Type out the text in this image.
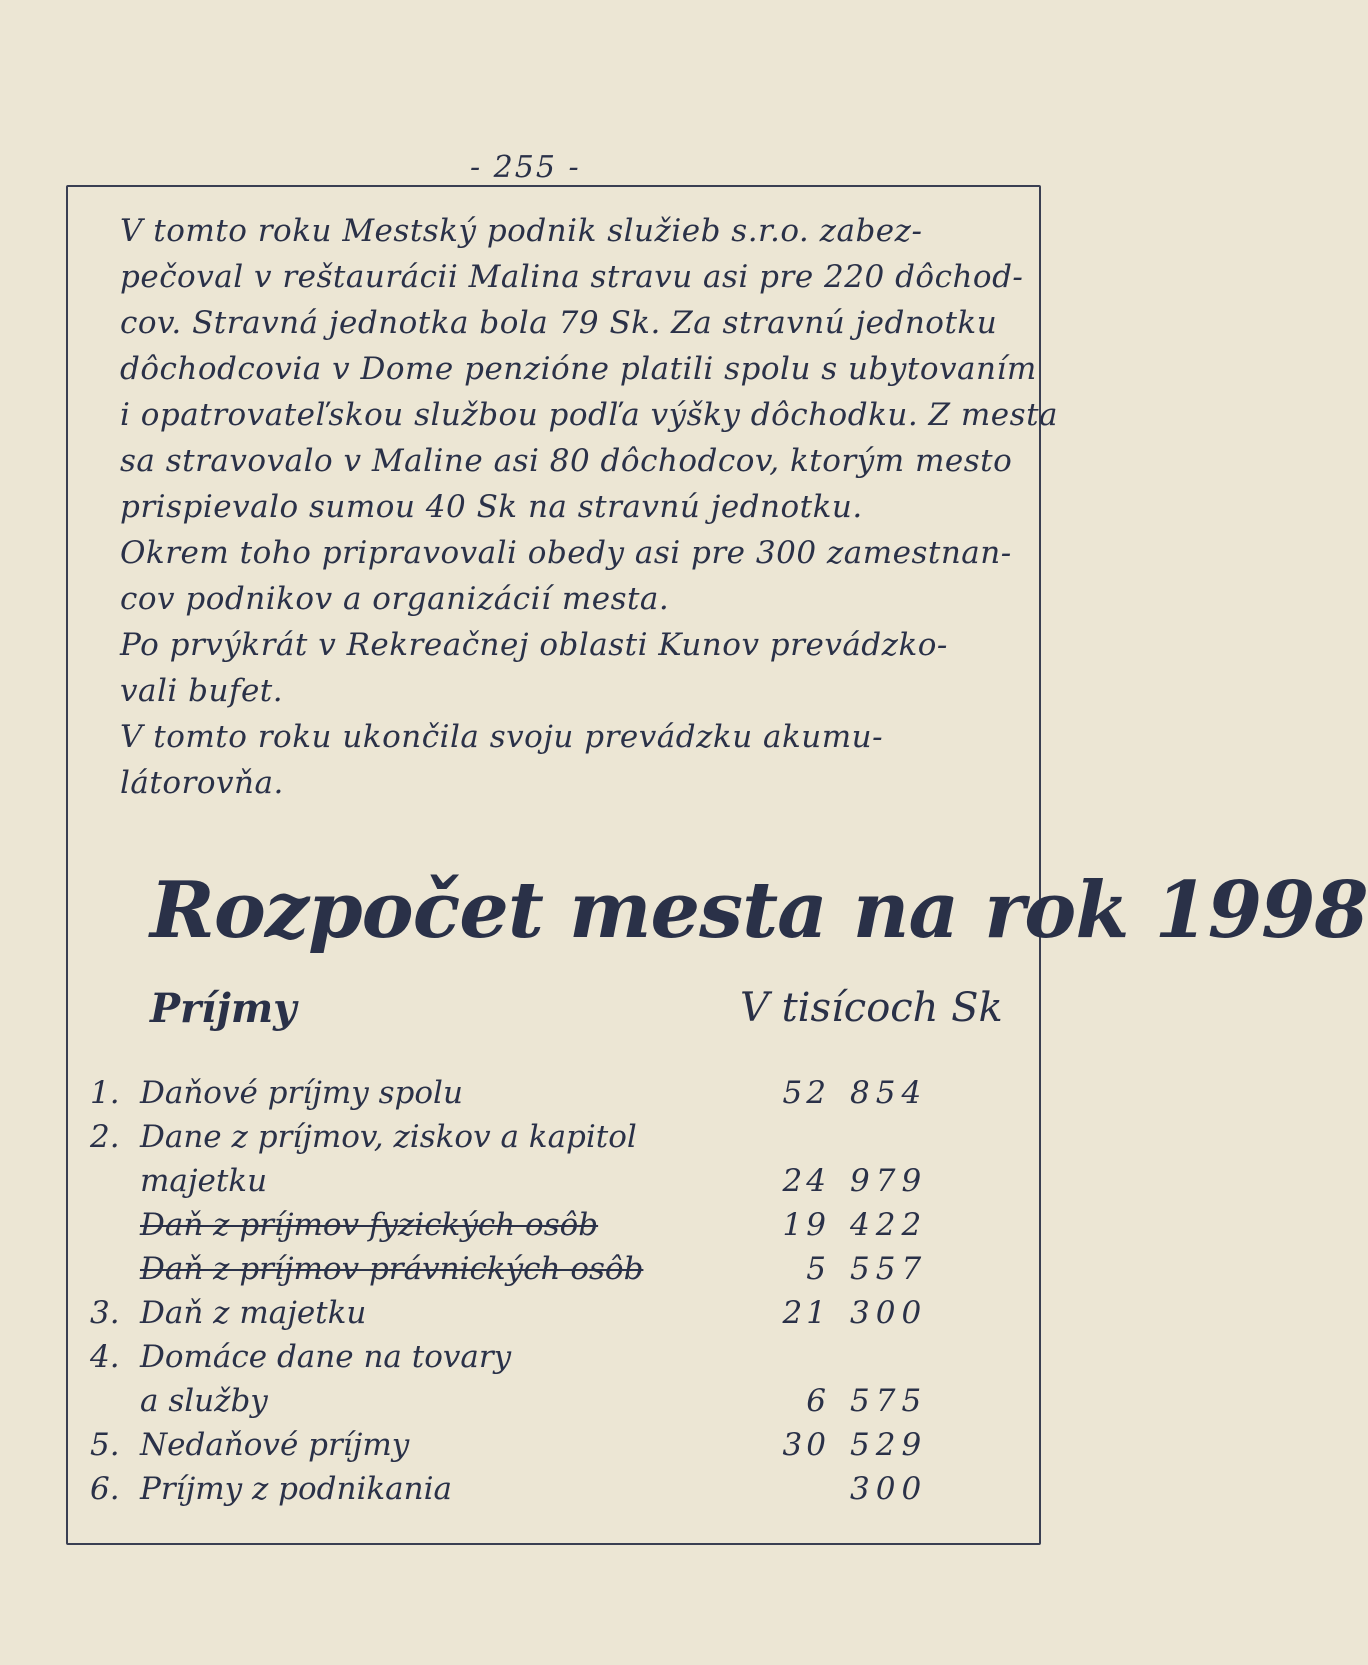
- 255 -
V tomto roku Mestský podnik služieb s.r.o. zabez-
pečoval v reštaurácii Malina stravu asi pre 220 dôchod-
cov. Stravná jednotka bola 79 Sk. Za stravnú jednotku
dôchodcovia v Dome penzióne platili spolu s ubytovaním
i opatrovateľskou službou podľa výšky dôchodku. Z mesta
sa stravovalo v Maline asi 80 dôchodcov, ktorým mesto
prispievalo sumou 40 Sk na stravnú jednotku.
Okrem toho pripravovali obedy asi pre 300 zamestnan-
cov podnikov a organizácií mesta.
Po prvýkrát v Rekreačnej oblasti Kunov prevádzko-
vali bufet.
V tomto roku ukončila svoju prevádzku akumu-
látorovňa.
Rozpočet mesta na rok 1998
Príjmy	V tisícoch Sk
1. Daňové príjmy spolu	52 854
2. Dane z príjmov, ziskov a kapitol
majetku	24 979
Daň z príjmov fyzických osôb	19 422
Daň z príjmov právnických osôb	5 557
3. Daň z majetku	21 300
4. Domáce dane na tovary
a služby	6 575
5. Nedaňové príjmy	30 529
6. Príjmy z podnikania	300
